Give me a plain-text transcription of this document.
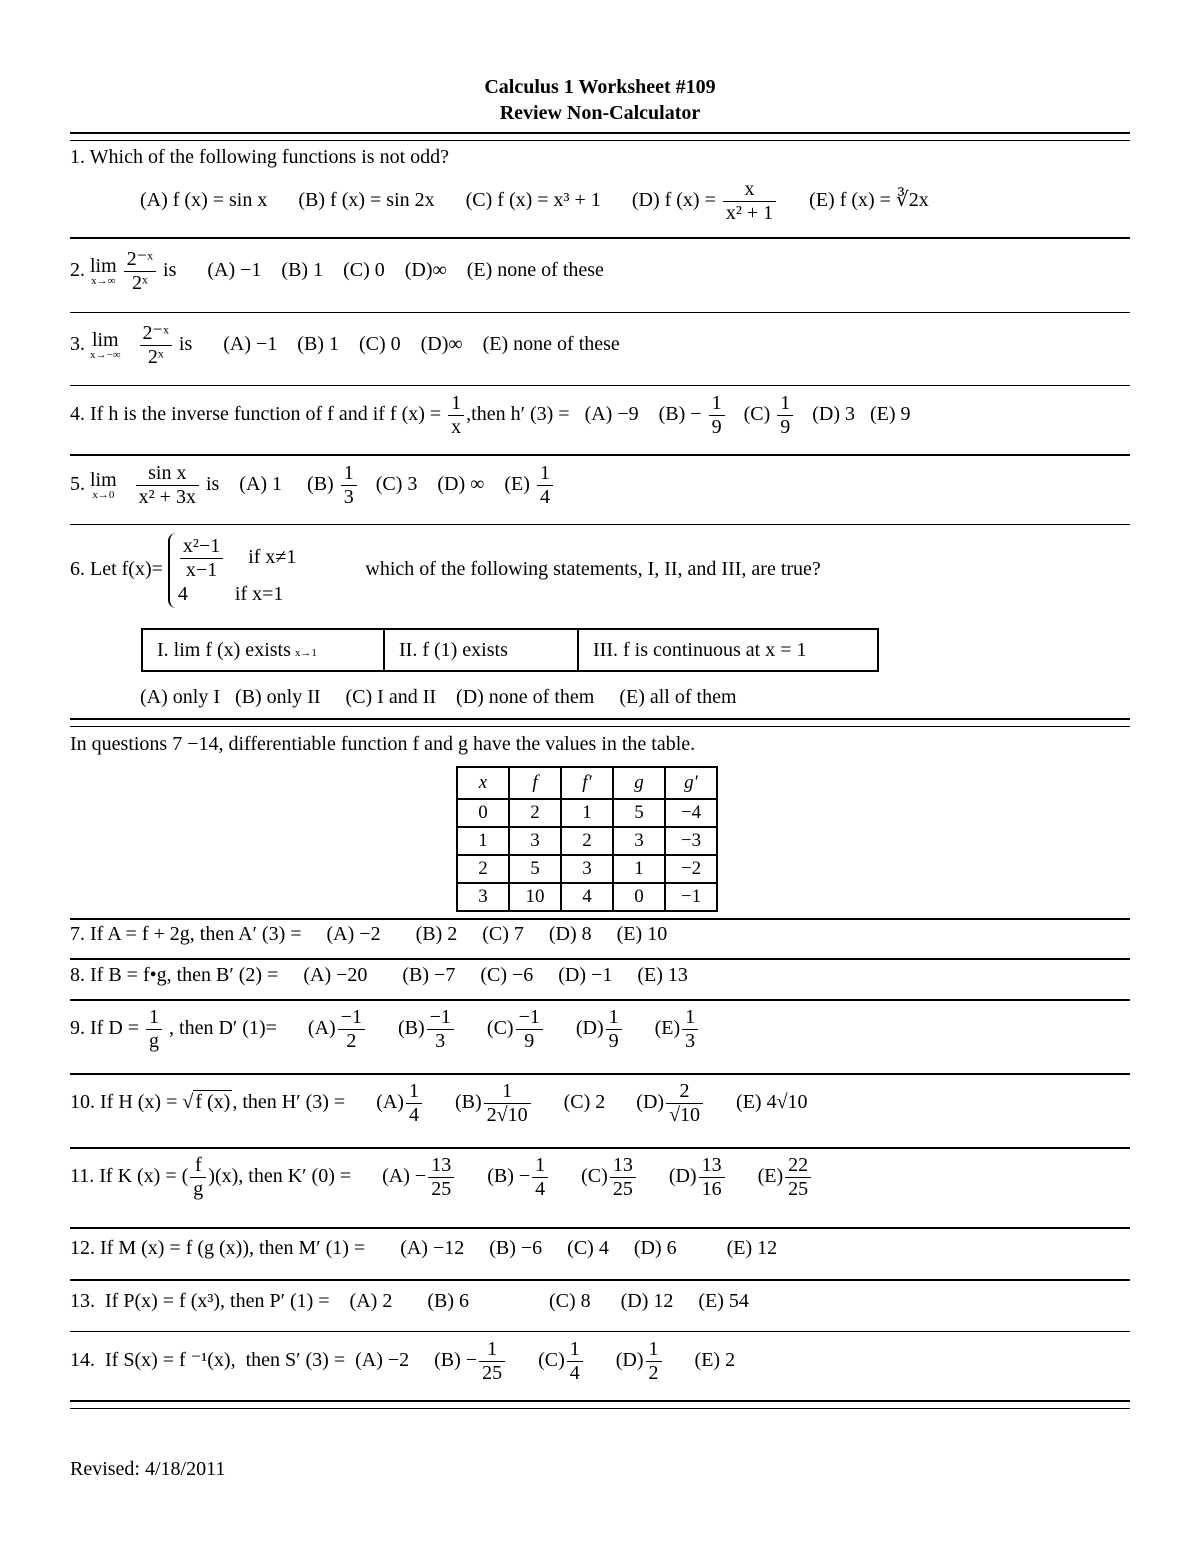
Calculus 1 Worksheet #109
Review Non-Calculator
1. Which of the following functions is not odd?
(A) f (x) = sin x (B) f (x) = sin 2x (C) f (x) = x³ + 1 (D) f $(x) = \frac{x}{\text{x² + 1}} (E)$ f (x) = ∛2x
2. lim
x→∞
$\frac{\text{2⁻ˣ}}{\text{2ˣ}}$ is (A) −1    (B) 1    (C) 0    (D)∞    (E) none of these
3. lim
x→−∞
$\frac{\text{2⁻ˣ}}{\text{2ˣ}}$ is (A) −1    (B) 1    (C) 0    (D)∞    (E) none of these
4. If h is the inverse function of f and if f $(x) = \frac{1}{x}$ ,then h′ (3) =   (A) −9    $(B) - \frac{1}{9} (C) \frac{1}{9} (D)$ 3   (E) 9
5. lim
x→0
$\frac{\text{sin x}}{\text{x² + 3x}}$ is    (A) 1     $(B) \frac{1}{3} (C)$ 3    (D) ∞    $(E) \frac{1}{4}$
6. Let $f(x)= \frac{\text{x²−1}}{x-1}$ if x≠1
4 if x=1
which of the following statements, I, II, and III, are true?
I. lim f (x) exists x→1	II. f (1) exists	III. f is continuous at x = 1
(A) only I   (B) only II     (C) I and II    (D) none of them     (E) all of them
In questions 7 −14, differentiable function f and g have the values in the table.
x	f	f′	g	g′
0	2	1	5	−4
1	3	2	3	−3
2	5	3	1	−2
3	10	4	0	−1
7. If A = f + 2g, then A′ (3) =     (A) −2       (B) 2     (C) 7     (D) 8     (E) 10
8. If B = f•g, then B′ (2) =     (A) −20       (B) −7     (C) −6     (D) −1     (E) 13
9. If $D = \frac{1}{g}$ , then D′ $(1)= (A) \frac{-1}{2} (B) \frac{-1}{3} (C) \frac{-1}{9} (D) \frac{1}{9} (E) \frac{1}{3}$
10. If H (x) = √ f (x) , then H′ $(3) = (A) \frac{1}{4} (B) \frac{1}{2√10} (C)$ 2 $(D) \frac{2}{√10} (E)$ 4√10
11. If K (x) = ( $\frac{f}{g} )(x)$, then K′ $(0) = (A) - \frac{13}{25} (B) - \frac{1}{4} (C) \frac{13}{25} (D) \frac{13}{16} (E) \frac{22}{25}$
12. If M (x) = f (g (x)), then M′ (1) =       (A) −12     (B) −6     (C) 4     (D) 6          (E) 12
13.  If P(x) = f (x³), then P′ (1) =    (A) 2       (B) 6                (C) 8      (D) 12     (E) 54
14.  If S(x) = f ⁻¹(x),  then S′ (3) =  (A) −2     $(B) - \frac{1}{25} (C) \frac{1}{4} (D) \frac{1}{2} (E)$ 2
Revised: 4/18/2011
